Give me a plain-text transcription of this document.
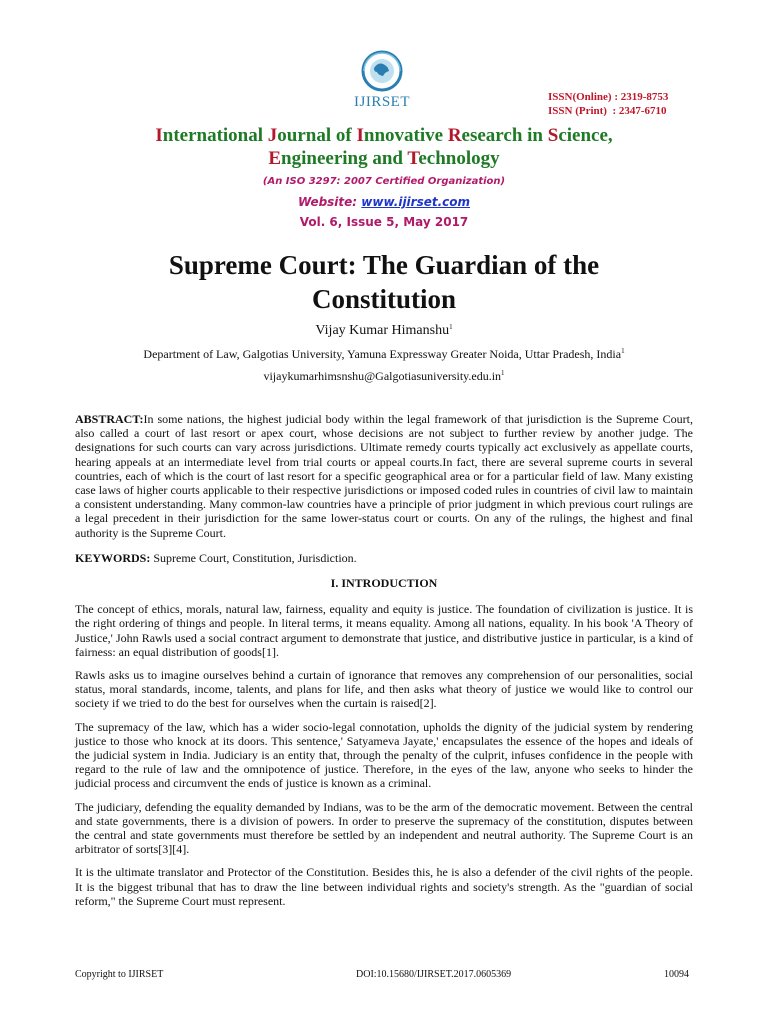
IJIRSET	ISSN(Online) : 2319-8753
ISSN (Print)  : 2347-6710
International Journal of Innovative Research in Science,
Engineering and Technology
(An ISO 3297: 2007 Certified Organization)
Website: www.ijirset.com
Vol. 6, Issue 5, May 2017
Supreme Court: The Guardian of the
Constitution
Vijay Kumar Himanshu$^1$
Department of Law, Galgotias University, Yamuna Expressway Greater Noida, Uttar Pradesh, India$^1$
$vijaykumarhimsnshu@Galgotiasuniversity.edu.in^1$

ABSTRACT:In some nations, the highest judicial body within the legal framework of that jurisdiction is the Supreme Court, also called a court of last resort or apex court, whose decisions are not subject to further review by another judge. The designations for such courts can vary across jurisdictions. Ultimate remedy courts typically act exclusively as appellate courts, hearing appeals at an intermediate level from trial courts or appeal courts.In fact, there are several supreme courts in several countries, each of which is the court of last resort for a specific geographical area or for a particular field of law. Many existing case laws of higher courts applicable to their respective jurisdictions or imposed coded rules in countries of civil law to maintain a consistent understanding. Many common-law countries have a principle of prior judgment in which previous court rulings are a legal precedent in their jurisdiction for the same lower-status court or courts. On any of the rulings, the highest and final authority is the Supreme Court.

KEYWORDS: Supreme Court, Constitution, Jurisdiction.

I. INTRODUCTION

The concept of ethics, morals, natural law, fairness, equality and equity is justice. The foundation of civilization is justice. It is the right ordering of things and people. In literal terms, it means equality. Among all nations, equality. In his book 'A Theory of Justice,' John Rawls used a social contract argument to demonstrate that justice, and distributive justice in particular, is a kind of fairness: an equal distribution of goods[1].

Rawls asks us to imagine ourselves behind a curtain of ignorance that removes any comprehension of our personalities, social status, moral standards, income, talents, and plans for life, and then asks what theory of justice we would like to control our society if we tried to do the best for ourselves when the curtain is raised[2].

The supremacy of the law, which has a wider socio-legal connotation, upholds the dignity of the judicial system by rendering justice to those who knock at its doors. This sentence,' Satyameva Jayate,' encapsulates the essence of the hopes and ideals of the judicial system in India. Judiciary is an entity that, through the penalty of the culprit, infuses confidence in the people with regard to the rule of law and the omnipotence of justice. Therefore, in the eyes of the law, anyone who seeks to hinder the judicial process and circumvent the ends of justice is known as a criminal.

The judiciary, defending the equality demanded by Indians, was to be the arm of the democratic movement. Between the central and state governments, there is a division of powers. In order to preserve the supremacy of the constitution, disputes between the central and state governments must therefore be settled by an independent and neutral authority. The Supreme Court is an arbitrator of sorts[3][4].

It is the ultimate translator and Protector of the Constitution. Besides this, he is also a defender of the civil rights of the people. It is the biggest tribunal that has to draw the line between individual rights and society's strength. As the "guardian of social reform," the Supreme Court must represent.

Copyright to IJIRSET	DOI:10.15680/IJIRSET.2017.0605369	10094
